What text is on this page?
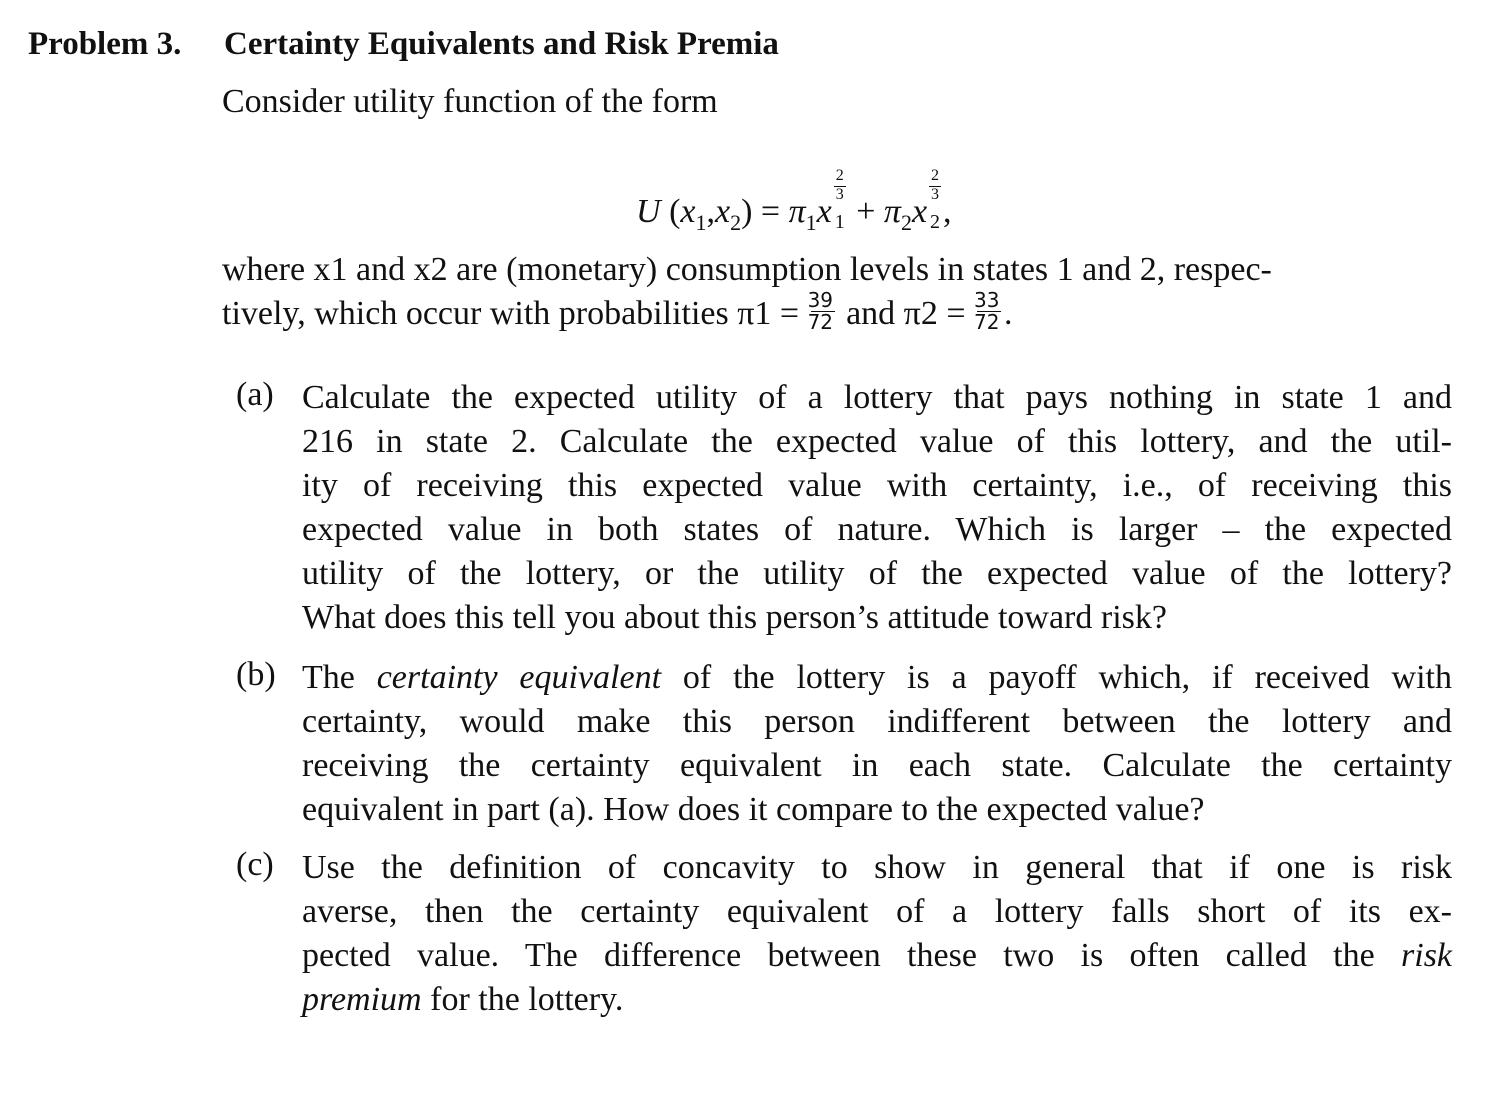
Problem 3. Certainty Equivalents and Risk Premia
Consider utility function of the form
U $(x_1,x_2) = \pi_1x$
$\frac{2}{3}$
$1 + \pi_2x$
$\frac{2}{3}$
2,
where x1 and x2 are (monetary) consumption levels in states 1 and 2, respec-
tively, which occur with probabilities $\pi 1 = \frac{39}{72}$ and $\pi 2 = \frac{33}{72}$ .
(a) Calculate the expected utility of a lottery that pays nothing in state 1 and
216 in state 2. Calculate the expected value of this lottery, and the util-
ity of receiving this expected value with certainty, i.e., of receiving this
expected value in both states of nature. Which is larger – the expected
utility of the lottery, or the utility of the expected value of the lottery?
What does this tell you about this person’s attitude toward risk?
(b) The certainty equivalent of the lottery is a payoff which, if received with
certainty, would make this person indifferent between the lottery and
receiving the certainty equivalent in each state. Calculate the certainty
equivalent in part (a). How does it compare to the expected value?
(c) Use the definition of concavity to show in general that if one is risk
averse, then the certainty equivalent of a lottery falls short of its ex-
pected value. The difference between these two is often called the risk
premium for the lottery.
